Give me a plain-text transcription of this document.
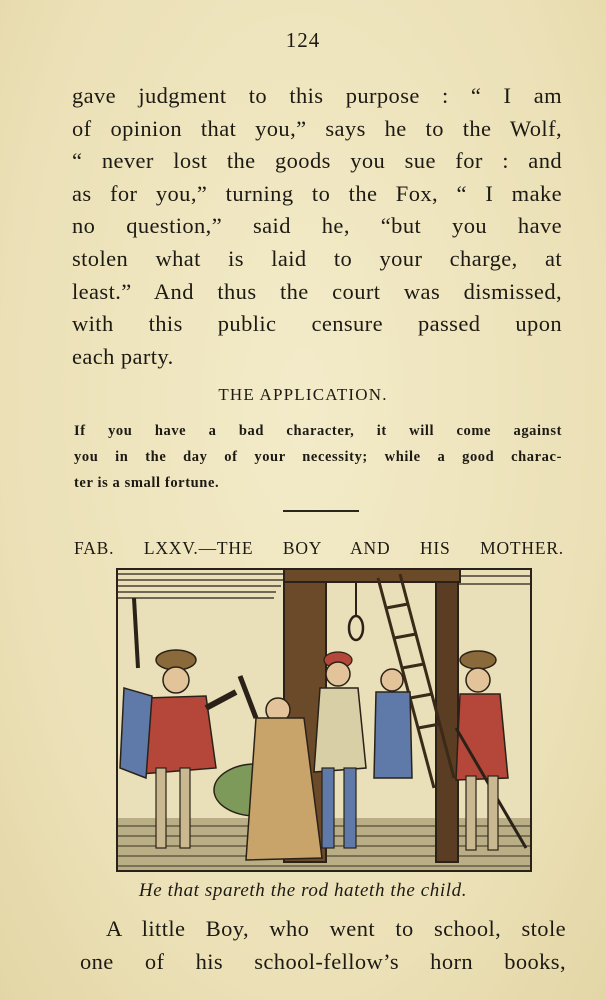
124
gave judgment to this purpose : “ I am
of opinion that you,” says he to the Wolf,
“ never lost the goods you sue for : and
as for you,” turning to the Fox, “ I make
no question,” said he, “but you have
stolen what is laid to your charge, at
least.” And thus the court was dismissed,
with this public censure passed upon
each party.
THE APPLICATION.
If you have a bad character, it will come against
you in the day of your necessity; while a good charac-
ter is a small fortune.
FAB. LXXV.—THE BOY AND HIS MOTHER.
He that spareth the rod hateth the child.
A little Boy, who went to school, stole
one of his school-fellow’s horn books,
